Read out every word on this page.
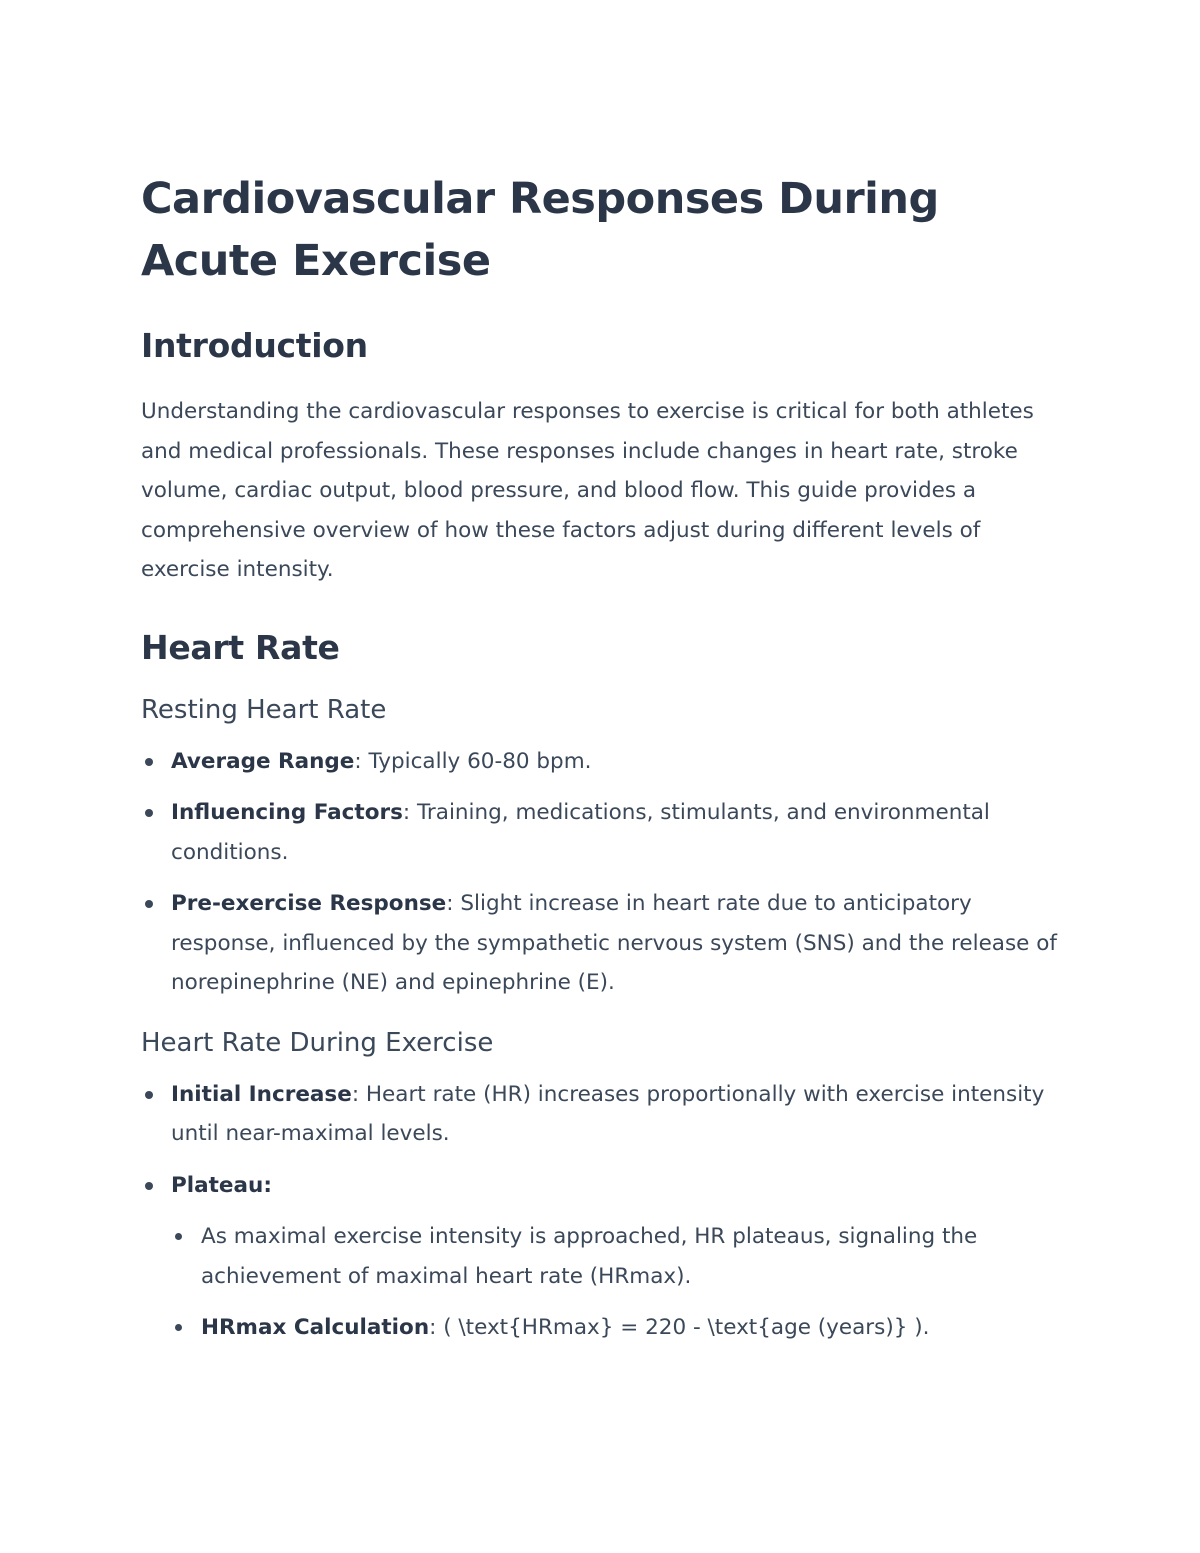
Cardiovascular Responses During Acute Exercise
Introduction

Understanding the cardiovascular responses to exercise is critical for both athletes and medical professionals. These responses include changes in heart rate, stroke volume, cardiac output, blood pressure, and blood flow. This guide provides a comprehensive overview of how these factors adjust during different levels of exercise intensity.

Heart Rate
Resting Heart Rate
Average Range: Typically 60-80 bpm.
Influencing Factors: Training, medications, stimulants, and environmental conditions.
Pre-exercise Response: Slight increase in heart rate due to anticipatory response, influenced by the sympathetic nervous system (SNS) and the release of norepinephrine (NE) and epinephrine (E).
Heart Rate During Exercise
Initial Increase: Heart rate (HR) increases proportionally with exercise intensity until near-maximal levels.
Plateau:
As maximal exercise intensity is approached, HR plateaus, signaling the achievement of maximal heart rate (HRmax).
HRmax Calculation: ( \text{HRmax} = 220 - \text{age (years)} ).
